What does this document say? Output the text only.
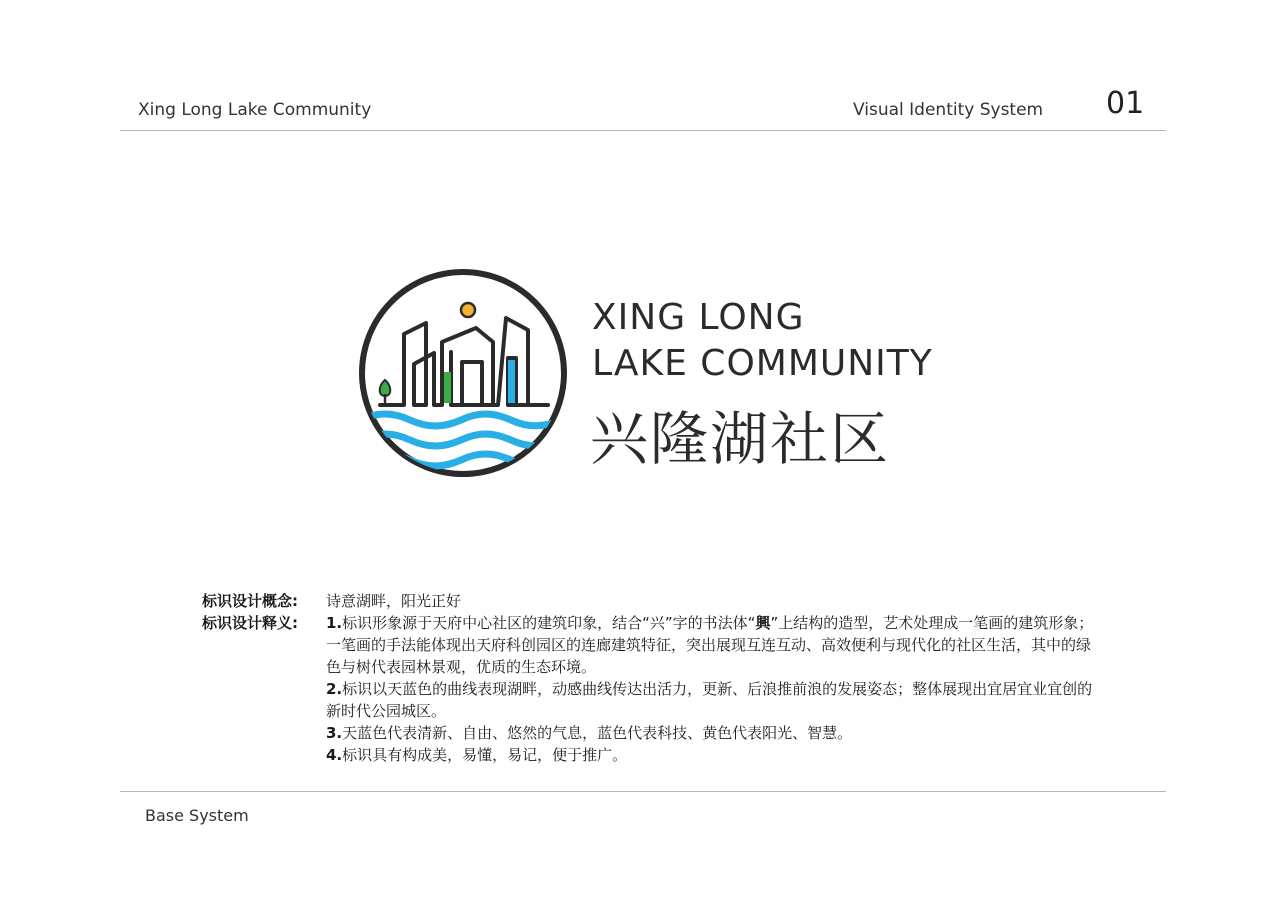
Xing Long Lake Community	Visual Identity System 01
XING LONG
LAKE COMMUNITY
兴隆湖社区
标识设计概念:	诗意湖畔，阳光正好
标识设计释义:	1.标识形象源于天府中心社区的建筑印象，结合“兴”字的书法体“興”上结构的造型，艺术处理成一笔画的建筑形象；一笔画的手法能体现出天府科创园区的连廊建筑特征，突出展现互连互动、高效便利与现代化的社区生活，其中的绿色与树代表园林景观，优质的生态环境。
2.标识以天蓝色的曲线表现湖畔，动感曲线传达出活力，更新、后浪推前浪的发展姿态；整体展现出宜居宜业宜创的新时代公园城区。
3.天蓝色代表清新、自由、悠然的气息，蓝色代表科技、黄色代表阳光、智慧。
4.标识具有构成美，易懂，易记，便于推广。
Base System
